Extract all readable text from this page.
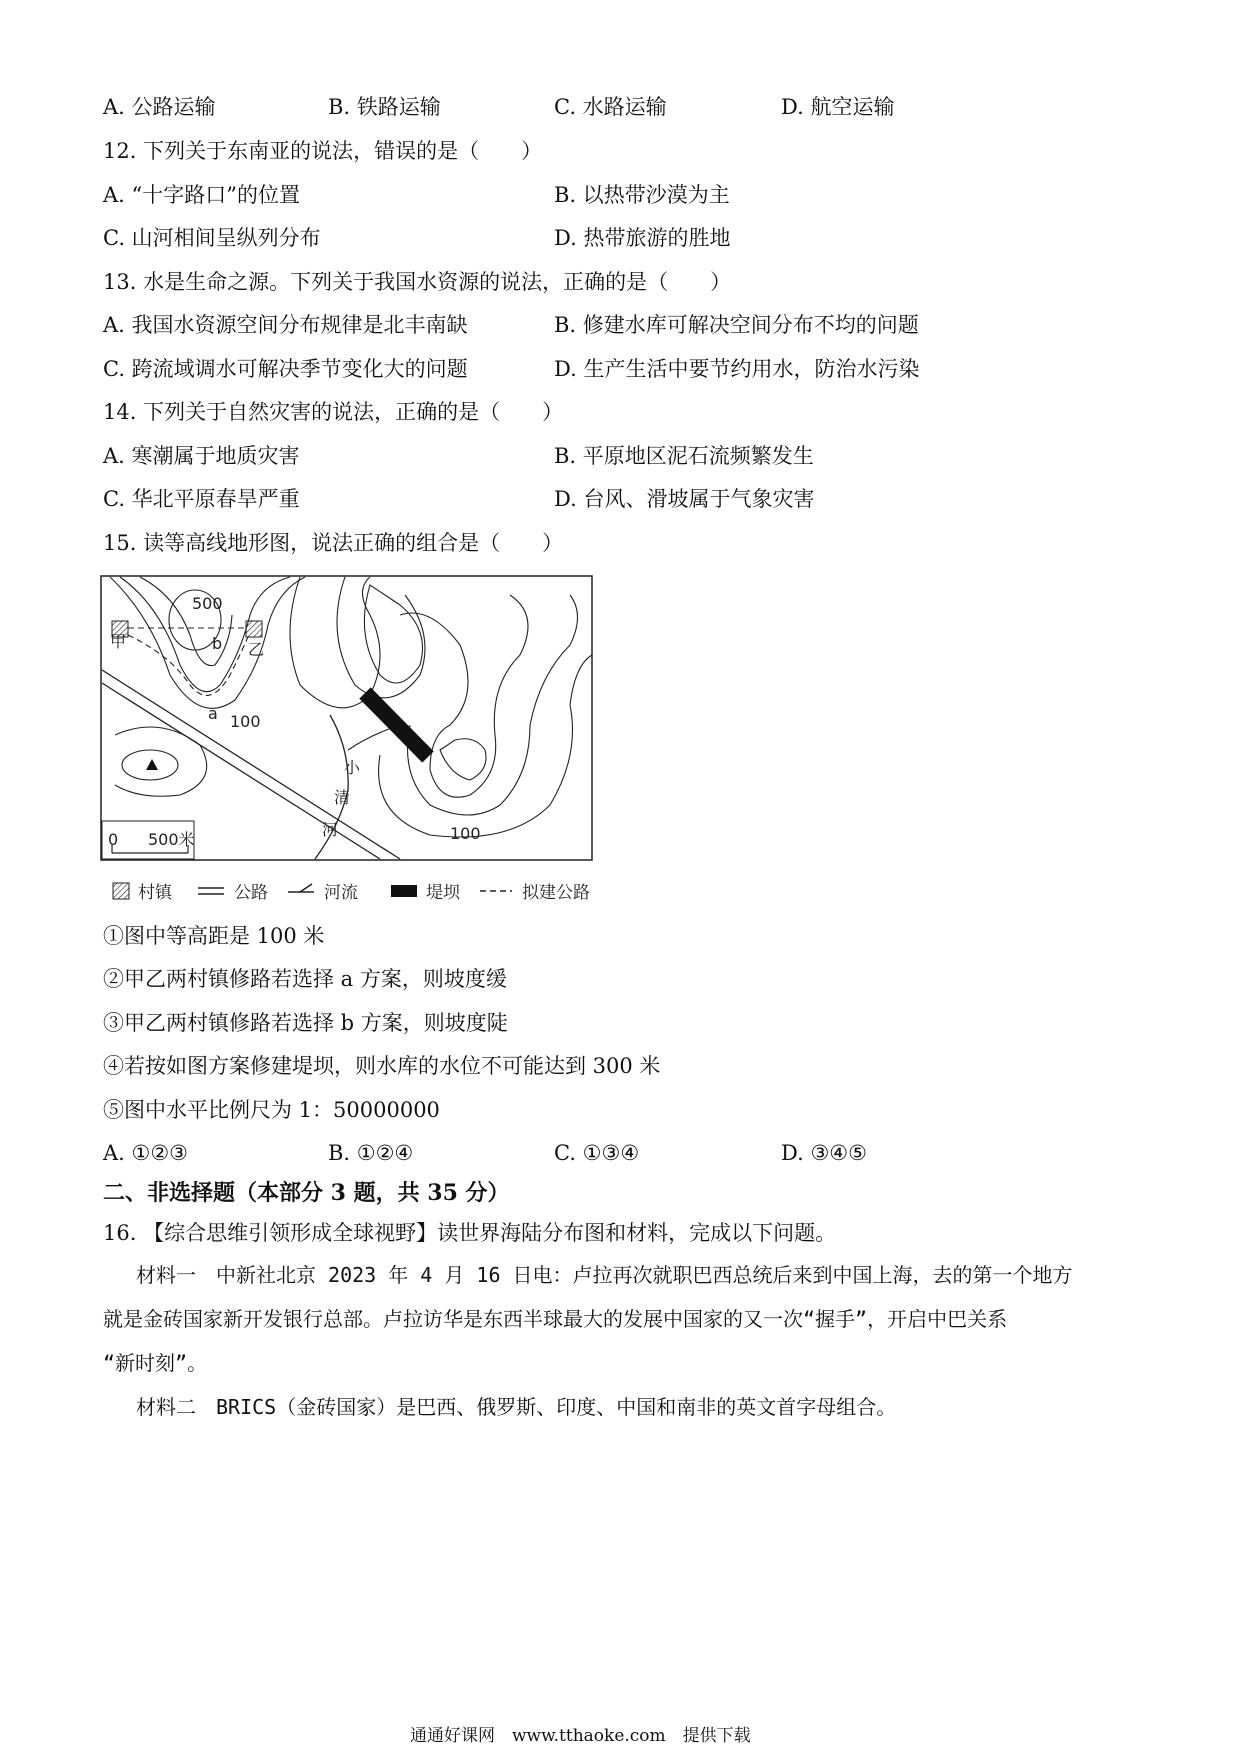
A. 公路运输	B. 铁路运输	C. 水路运输	D. 航空运输
12. 下列关于东南亚的说法，错误的是（　　）
A. “十字路口”的位置	B. 以热带沙漠为主
C. 山河相间呈纵列分布	D. 热带旅游的胜地
13. 水是生命之源。下列关于我国水资源的说法，正确的是（　　）
A. 我国水资源空间分布规律是北丰南缺	B. 修建水库可解决空间分布不均的问题
C. 跨流域调水可解决季节变化大的问题	D. 生产生活中要节约用水，防治水污染
14. 下列关于自然灾害的说法，正确的是（　　）
A. 寒潮属于地质灾害	B. 平原地区泥石流频繁发生
C. 华北平原春旱严重	D. 台风、滑坡属于气象灾害
15. 读等高线地形图，说法正确的组合是（　　）
500
甲	乙
b
a 100
100
小
清
河
0 500米
村镇	公路	河流	堤坝	拟建公路
①图中等高距是 100 米
②甲乙两村镇修路若选择 a 方案，则坡度缓
③甲乙两村镇修路若选择 b 方案，则坡度陡
④若按如图方案修建堤坝，则水库的水位不可能达到 300 米
⑤图中水平比例尺为 1：50000000
A. ①②③	B. ①②④	C. ①③④	D. ③④⑤
二、非选择题（本部分 3 题，共 35 分）
16. 【综合思维引领形成全球视野】读世界海陆分布图和材料，完成以下问题。
材料一　中新社北京 2023 年 4 月 16 日电：卢拉再次就职巴西总统后来到中国上海，去的第一个地方
就是金砖国家新开发银行总部。卢拉访华是东西半球最大的发展中国家的又一次“握手”，开启中巴关系
“新时刻”。
材料二　BRICS（金砖国家）是巴西、俄罗斯、印度、中国和南非的英文首字母组合。
通通好课网　www.tthaoke.com　提供下载
